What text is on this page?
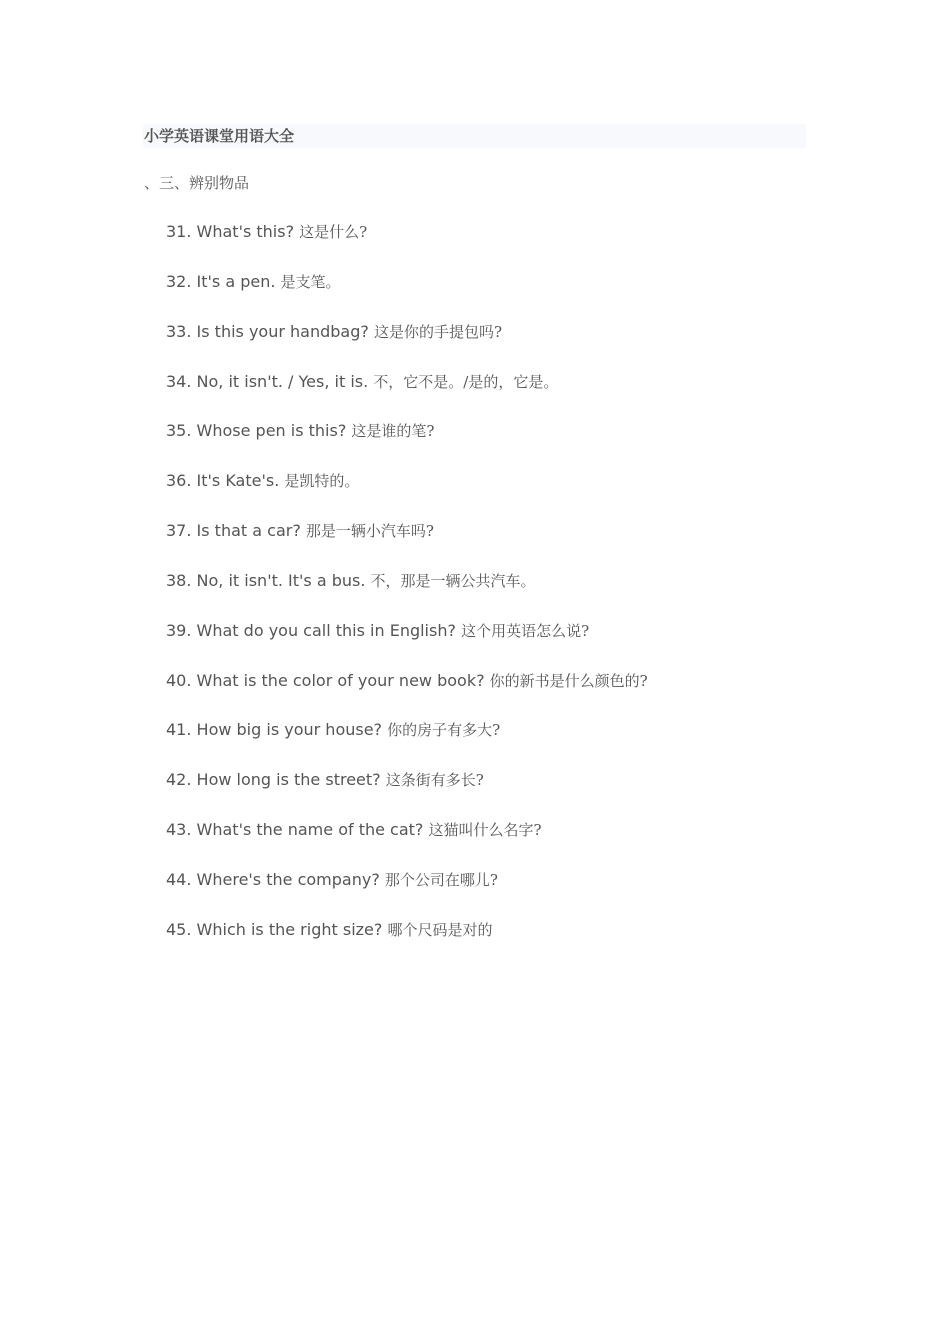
小学英语课堂用语大全
、三、辨别物品
31. What's this? 这是什么?
32. It's a pen. 是支笔。
33. Is this your handbag? 这是你的手提包吗?
34. No, it isn't. / Yes, it is. 不，它不是。/是的，它是。
35. Whose pen is this? 这是谁的笔?
36. It's Kate's. 是凯特的。
37. Is that a car? 那是一辆小汽车吗?
38. No, it isn't. It's a bus. 不，那是一辆公共汽车。
39. What do you call this in English? 这个用英语怎么说?
40. What is the color of your new book? 你的新书是什么颜色的?
41. How big is your house? 你的房子有多大?
42. How long is the street? 这条街有多长?
43. What's the name of the cat? 这猫叫什么名字?
44. Where's the company? 那个公司在哪儿?
45. Which is the right size? 哪个尺码是对的
